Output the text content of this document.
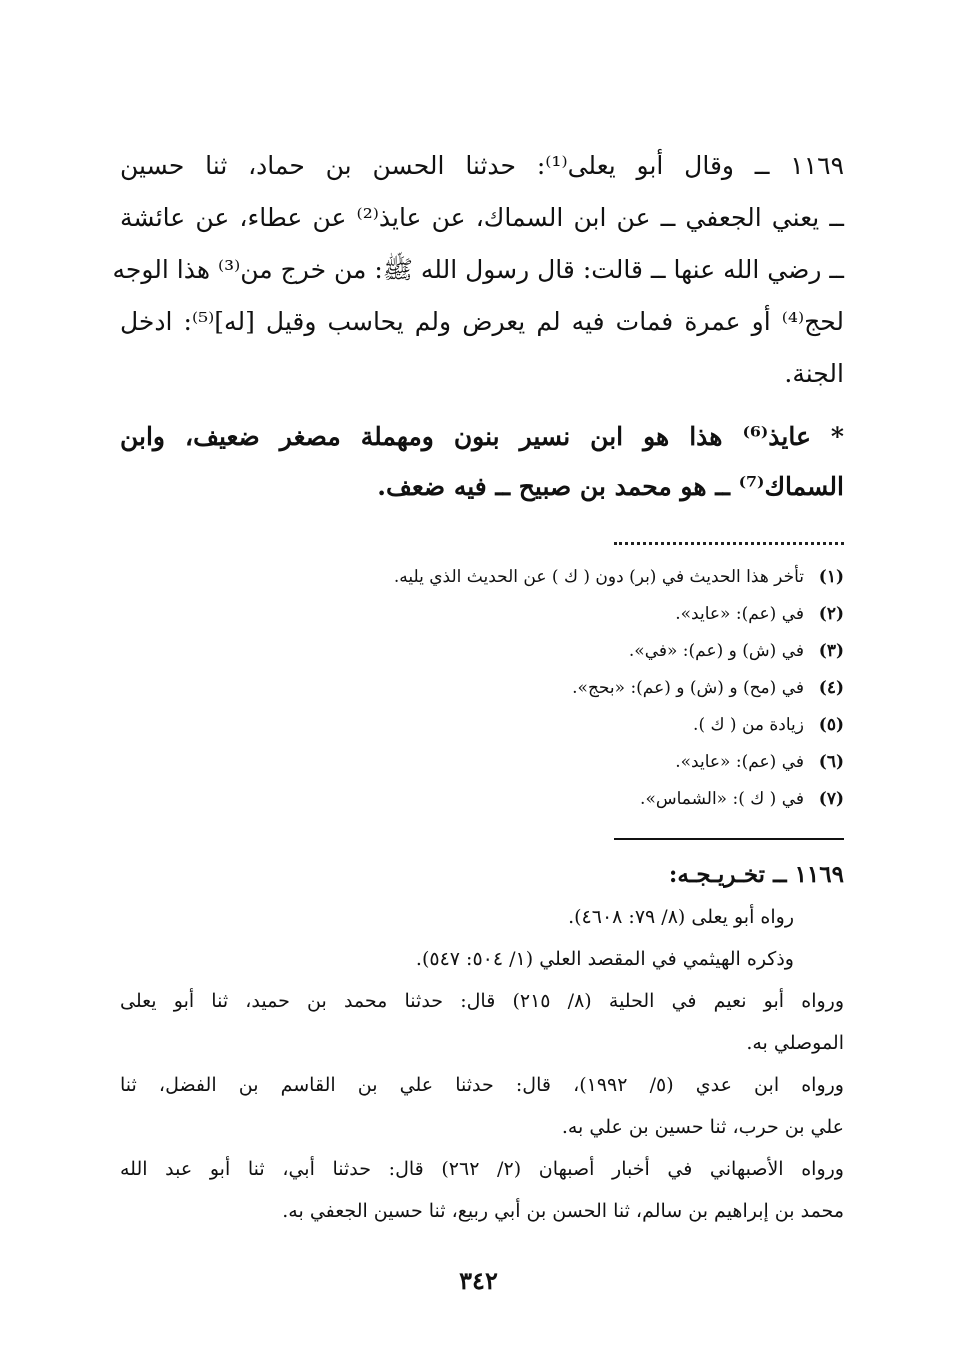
١١٦٩ ــ وقال أبو يعلى⁽¹⁾: حدثنا الحسن بن حماد، ثنا حسين
ــ يعني الجعفي ــ عن ابن السماك، عن عايذ⁽²⁾ عن عطاء، عن عائشة
ــ رضي الله عنها ــ قالت: قال رسول الله ﷺ: من خرج من⁽³⁾ هذا الوجه
لحج⁽⁴⁾ أو عمرة فمات فيه لم يعرض ولم يحاسب وقيل [له]⁽⁵⁾: ادخل
الجنة.
* عايذ⁽⁶⁾ هذا هو ابن نسير بنون ومهملة مصغر ضعيف، وابن
السماك⁽⁷⁾ ــ هو محمد بن صبيح ــ فيه ضعف.
(١)تأخر هذا الحديث في (بر) دون ( ك ) عن الحديث الذي يليه.
(٢)في (عم): «عايد».
(٣)في (ش) و (عم): «في».
(٤)في (مح) و (ش) و (عم): «بحج».
(٥)زيادة من ( ك ).
(٦)في (عم): «عايد».
(٧)في ( ك ): «الشماس».
١١٦٩ ــ تخـريـجـه:
رواه أبو يعلى (٨/ ٧٩: ٤٦٠٨).
وذكره الهيثمي في المقصد العلي (١/ ٥٠٤: ٥٤٧).
ورواه أبو نعيم في الحلية (٨/ ٢١٥) قال: حدثنا محمد بن حميد، ثنا أبو يعلى
الموصلي به.
ورواه ابن عدي (٥/ ١٩٩٢)، قال: حدثنا علي بن القاسم بن الفضل، ثنا
علي بن حرب، ثنا حسين بن علي به.
ورواه الأصبهاني في أخبار أصبهان (٢/ ٢٦٢) قال: حدثنا أبي، ثنا أبو عبد الله
محمد بن إبراهيم بن سالم، ثنا الحسن بن أبي ربيع، ثنا حسين الجعفي به.
٣٤٢
